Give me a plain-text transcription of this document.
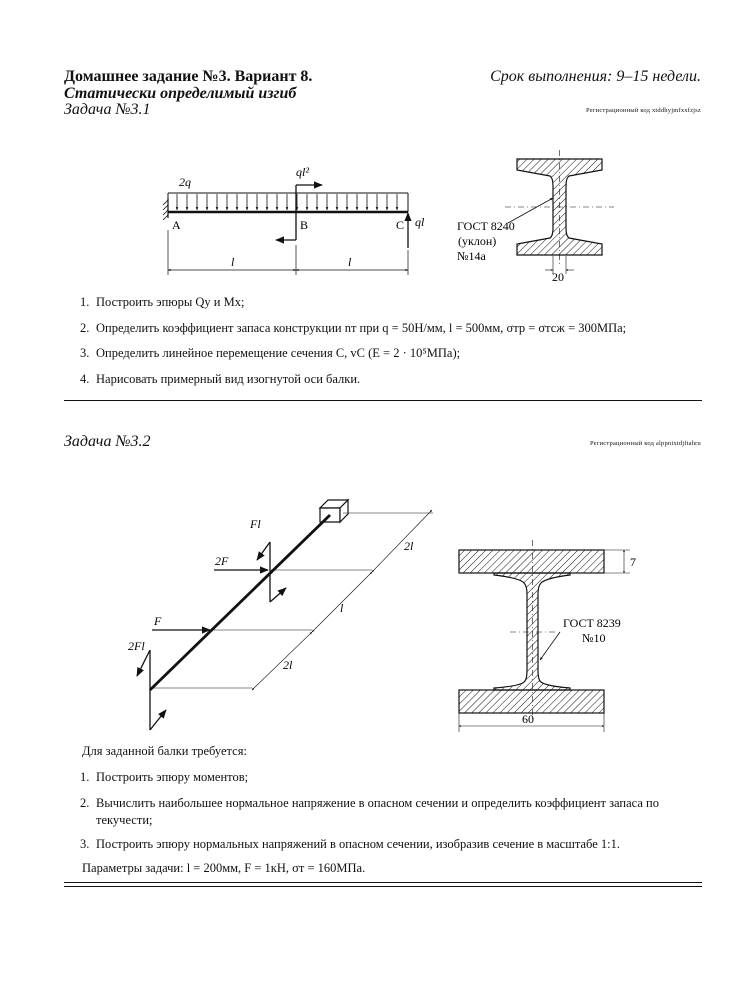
Домашнее задание №3. Вариант 8.	Срок выполнения: 9–15 недели.
Статически определимый изгиб
Задача №3.1	Регистрационный код xtddhyjmfxxfzjsz
2q
ql²
ql
A	B	C
l	l
ГОСТ 8240
(уклон)
№14а
20
1. Построить эпюры Qy и Mx;
2. Определить коэффициент запаса конструкции nт при q = 50Н/мм, l = 500мм, σтр = σтсж = 300МПа;
3. Определить линейное перемещение сечения C, vC (E = 2 · 10⁵МПа);
4. Нарисовать примерный вид изогнутой оси балки.
Задача №3.2	Регистрационный код alppnixtdjftahru
Fl
2F
F
2Fl
2l
l
2l
ГОСТ 8239
№10
7
60
Для заданной балки требуется:
1. Построить эпюру моментов;
2. Вычислить наибольшее нормальное напряжение в опасном сечении и определить коэффициент запаса по текучести;
3. Построить эпюру нормальных напряжений в опасном сечении, изобразив сечение в масштабе 1:1.
Параметры задачи: l = 200мм, F = 1кН, σт = 160МПа.
